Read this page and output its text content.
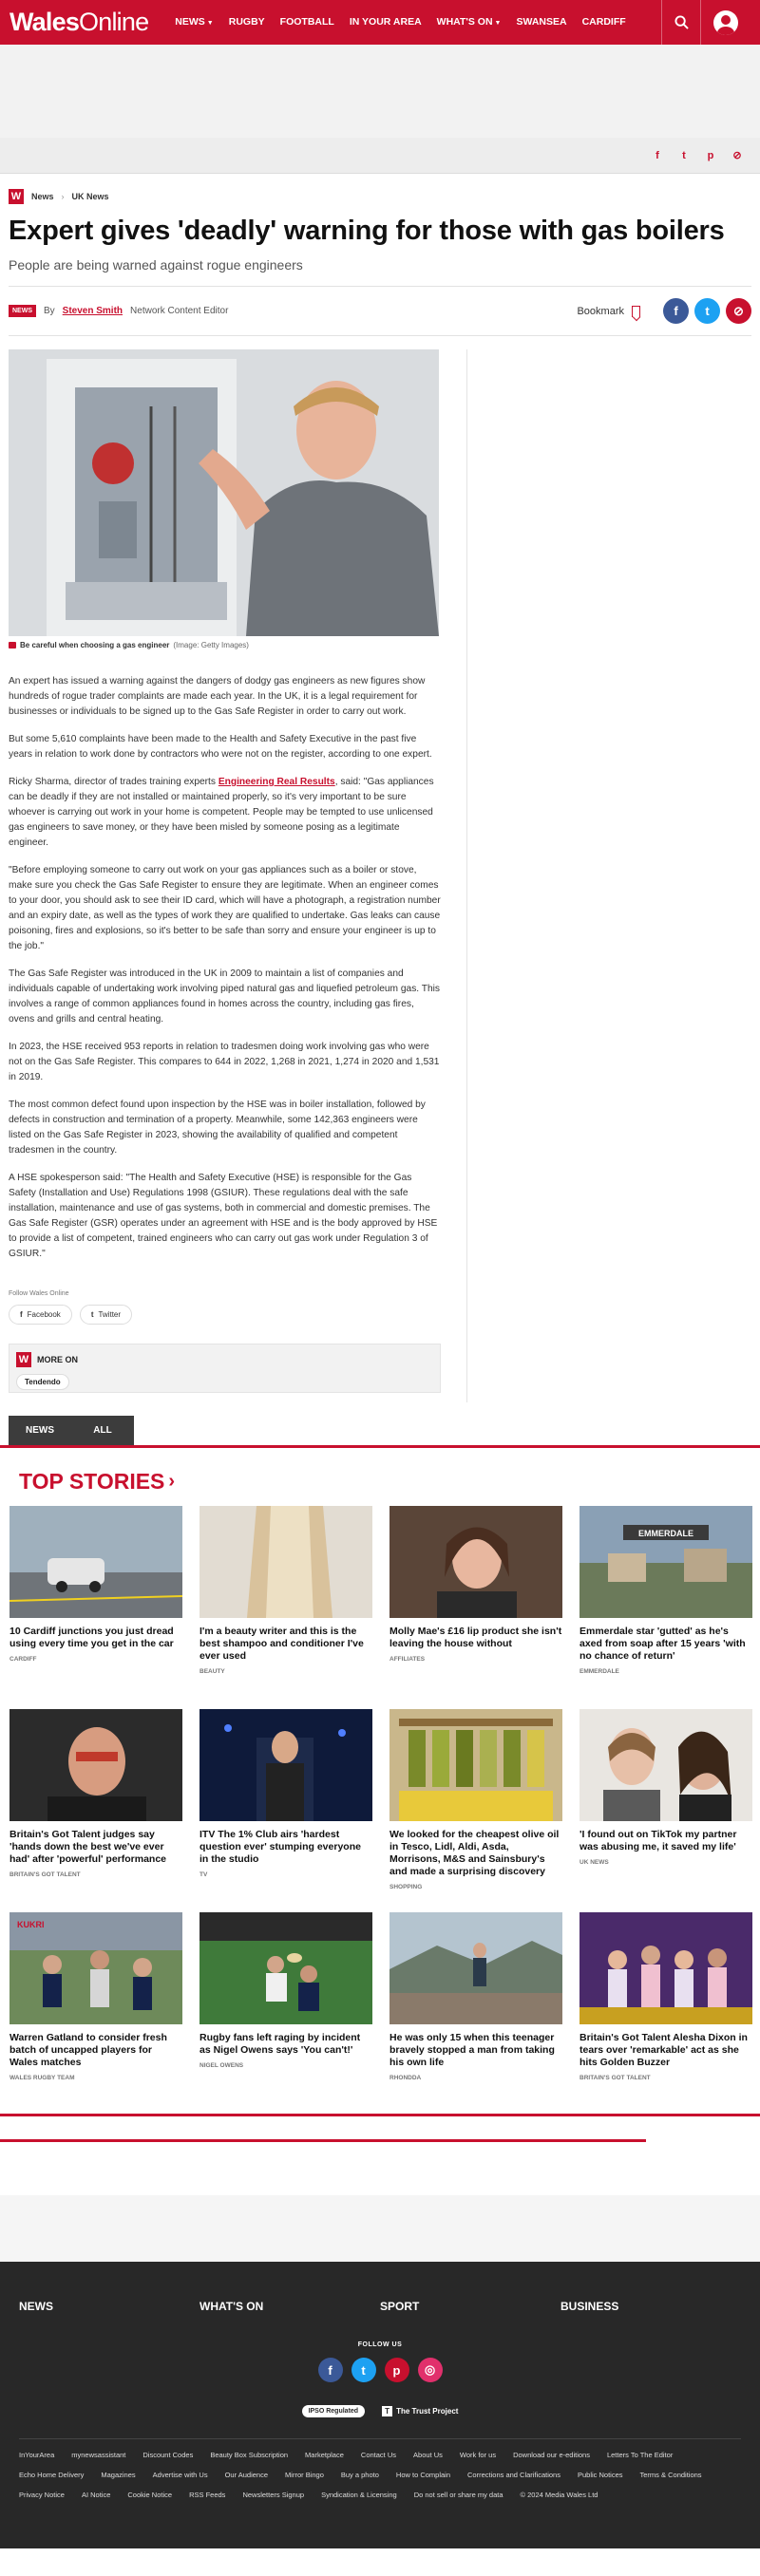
WalesOnline	NEWS ▼	RUGBY	FOOTBALL	IN YOUR AREA	WHAT'S ON ▼	SWANSEA	CARDIFF
f	t	p	⊘
W	News › UK News
Expert gives 'deadly' warning for those with gas boilers

People are being warned against rogue engineers

NEWS	By Steven Smith Network Content Editor	Bookmark	f	t	⊘
Be careful when choosing a gas engineer (Image: Getty Images)

An expert has issued a warning against the dangers of dodgy gas engineers as new figures show hundreds of rogue trader complaints are made each year. In the UK, it is a legal requirement for businesses or individuals to be signed up to the Gas Safe Register in order to carry out work.

But some 5,610 complaints have been made to the Health and Safety Executive in the past five years in relation to work done by contractors who were not on the register, according to one expert.

Ricky Sharma, director of trades training experts Engineering Real Results, said: "Gas appliances can be deadly if they are not installed or maintained properly, so it's very important to be sure whoever is carrying out work in your home is competent. People may be tempted to use unlicensed gas engineers to save money, or they have been misled by someone posing as a legitimate engineer.

"Before employing someone to carry out work on your gas appliances such as a boiler or stove, make sure you check the Gas Safe Register to ensure they are legitimate. When an engineer comes to your door, you should ask to see their ID card, which will have a photograph, a registration number and an expiry date, as well as the types of work they are qualified to undertake. Gas leaks can cause poisoning, fires and explosions, so it's better to be safe than sorry and ensure your engineer is up to the job."

The Gas Safe Register was introduced in the UK in 2009 to maintain a list of companies and individuals capable of undertaking work involving piped natural gas and liquefied petroleum gas. This involves a range of common appliances found in homes across the country, including gas fires, ovens and grills and central heating.

In 2023, the HSE received 953 reports in relation to tradesmen doing work involving gas who were not on the Gas Safe Register. This compares to 644 in 2022, 1,268 in 2021, 1,274 in 2020 and 1,531 in 2019.

The most common defect found upon inspection by the HSE was in boiler installation, followed by defects in construction and termination of a property. Meanwhile, some 142,363 engineers were listed on the Gas Safe Register in 2023, showing the availability of qualified and competent tradesmen in the country.

A HSE spokesperson said: "The Health and Safety Executive (HSE) is responsible for the Gas Safety (Installation and Use) Regulations 1998 (GSIUR). These regulations deal with the safe installation, maintenance and use of gas systems, both in commercial and domestic premises. The Gas Safe Register (GSR) operates under an agreement with HSE and is the body approved by HSE to provide a list of competent, trained engineers who can carry out gas work under Regulation 3 of GSIUR."

Follow Wales Online
f Facebook	t Twitter
W MORE ON
Tendendo
NEWS	ALL
TOP STORIES ›
10 Cardiff junctions you just dread using every time you get in the car
CARDIFF
I'm a beauty writer and this is the best shampoo and conditioner I've ever used
BEAUTY
Molly Mae's £16 lip product she isn't leaving the house without
AFFILIATES
EMMERDALE
Emmerdale star 'gutted' as he's axed from soap after 15 years 'with no chance of return'
EMMERDALE
Britain's Got Talent judges say 'hands down the best we've ever had' after 'powerful' performance
BRITAIN'S GOT TALENT
ITV The 1% Club airs 'hardest question ever' stumping everyone in the studio
TV
We looked for the cheapest olive oil in Tesco, Lidl, Aldi, Asda, Morrisons, M&S and Sainsbury's and made a surprising discovery
SHOPPING
'I found out on TikTok my partner was abusing me, it saved my life'
UK NEWS
KUKRI
Warren Gatland to consider fresh batch of uncapped players for Wales matches
WALES RUGBY TEAM
Rugby fans left raging by incident as Nigel Owens says 'You can't!'
NIGEL OWENS
He was only 15 when this teenager bravely stopped a man from taking his own life
RHONDDA
Britain's Got Talent Alesha Dixon in tears over 'remarkable' act as she hits Golden Buzzer
BRITAIN'S GOT TALENT
NEWS	WHAT'S ON	SPORT	BUSINESS
FOLLOW US
f	t	p	◎
IPSO Regulated	T The Trust Project
InYourArea mynewsassistant Discount Codes Beauty Box Subscription Marketplace Contact Us About Us Work for us Download our e-editions Letters To The Editor
Echo Home Delivery Magazines Advertise with Us Our Audience Mirror Bingo Buy a photo How to Complain Corrections and Clarifications Public Notices Terms & Conditions
Privacy Notice AI Notice Cookie Notice RSS Feeds Newsletters Signup Syndication & Licensing Do not sell or share my data © 2024 Media Wales Ltd
